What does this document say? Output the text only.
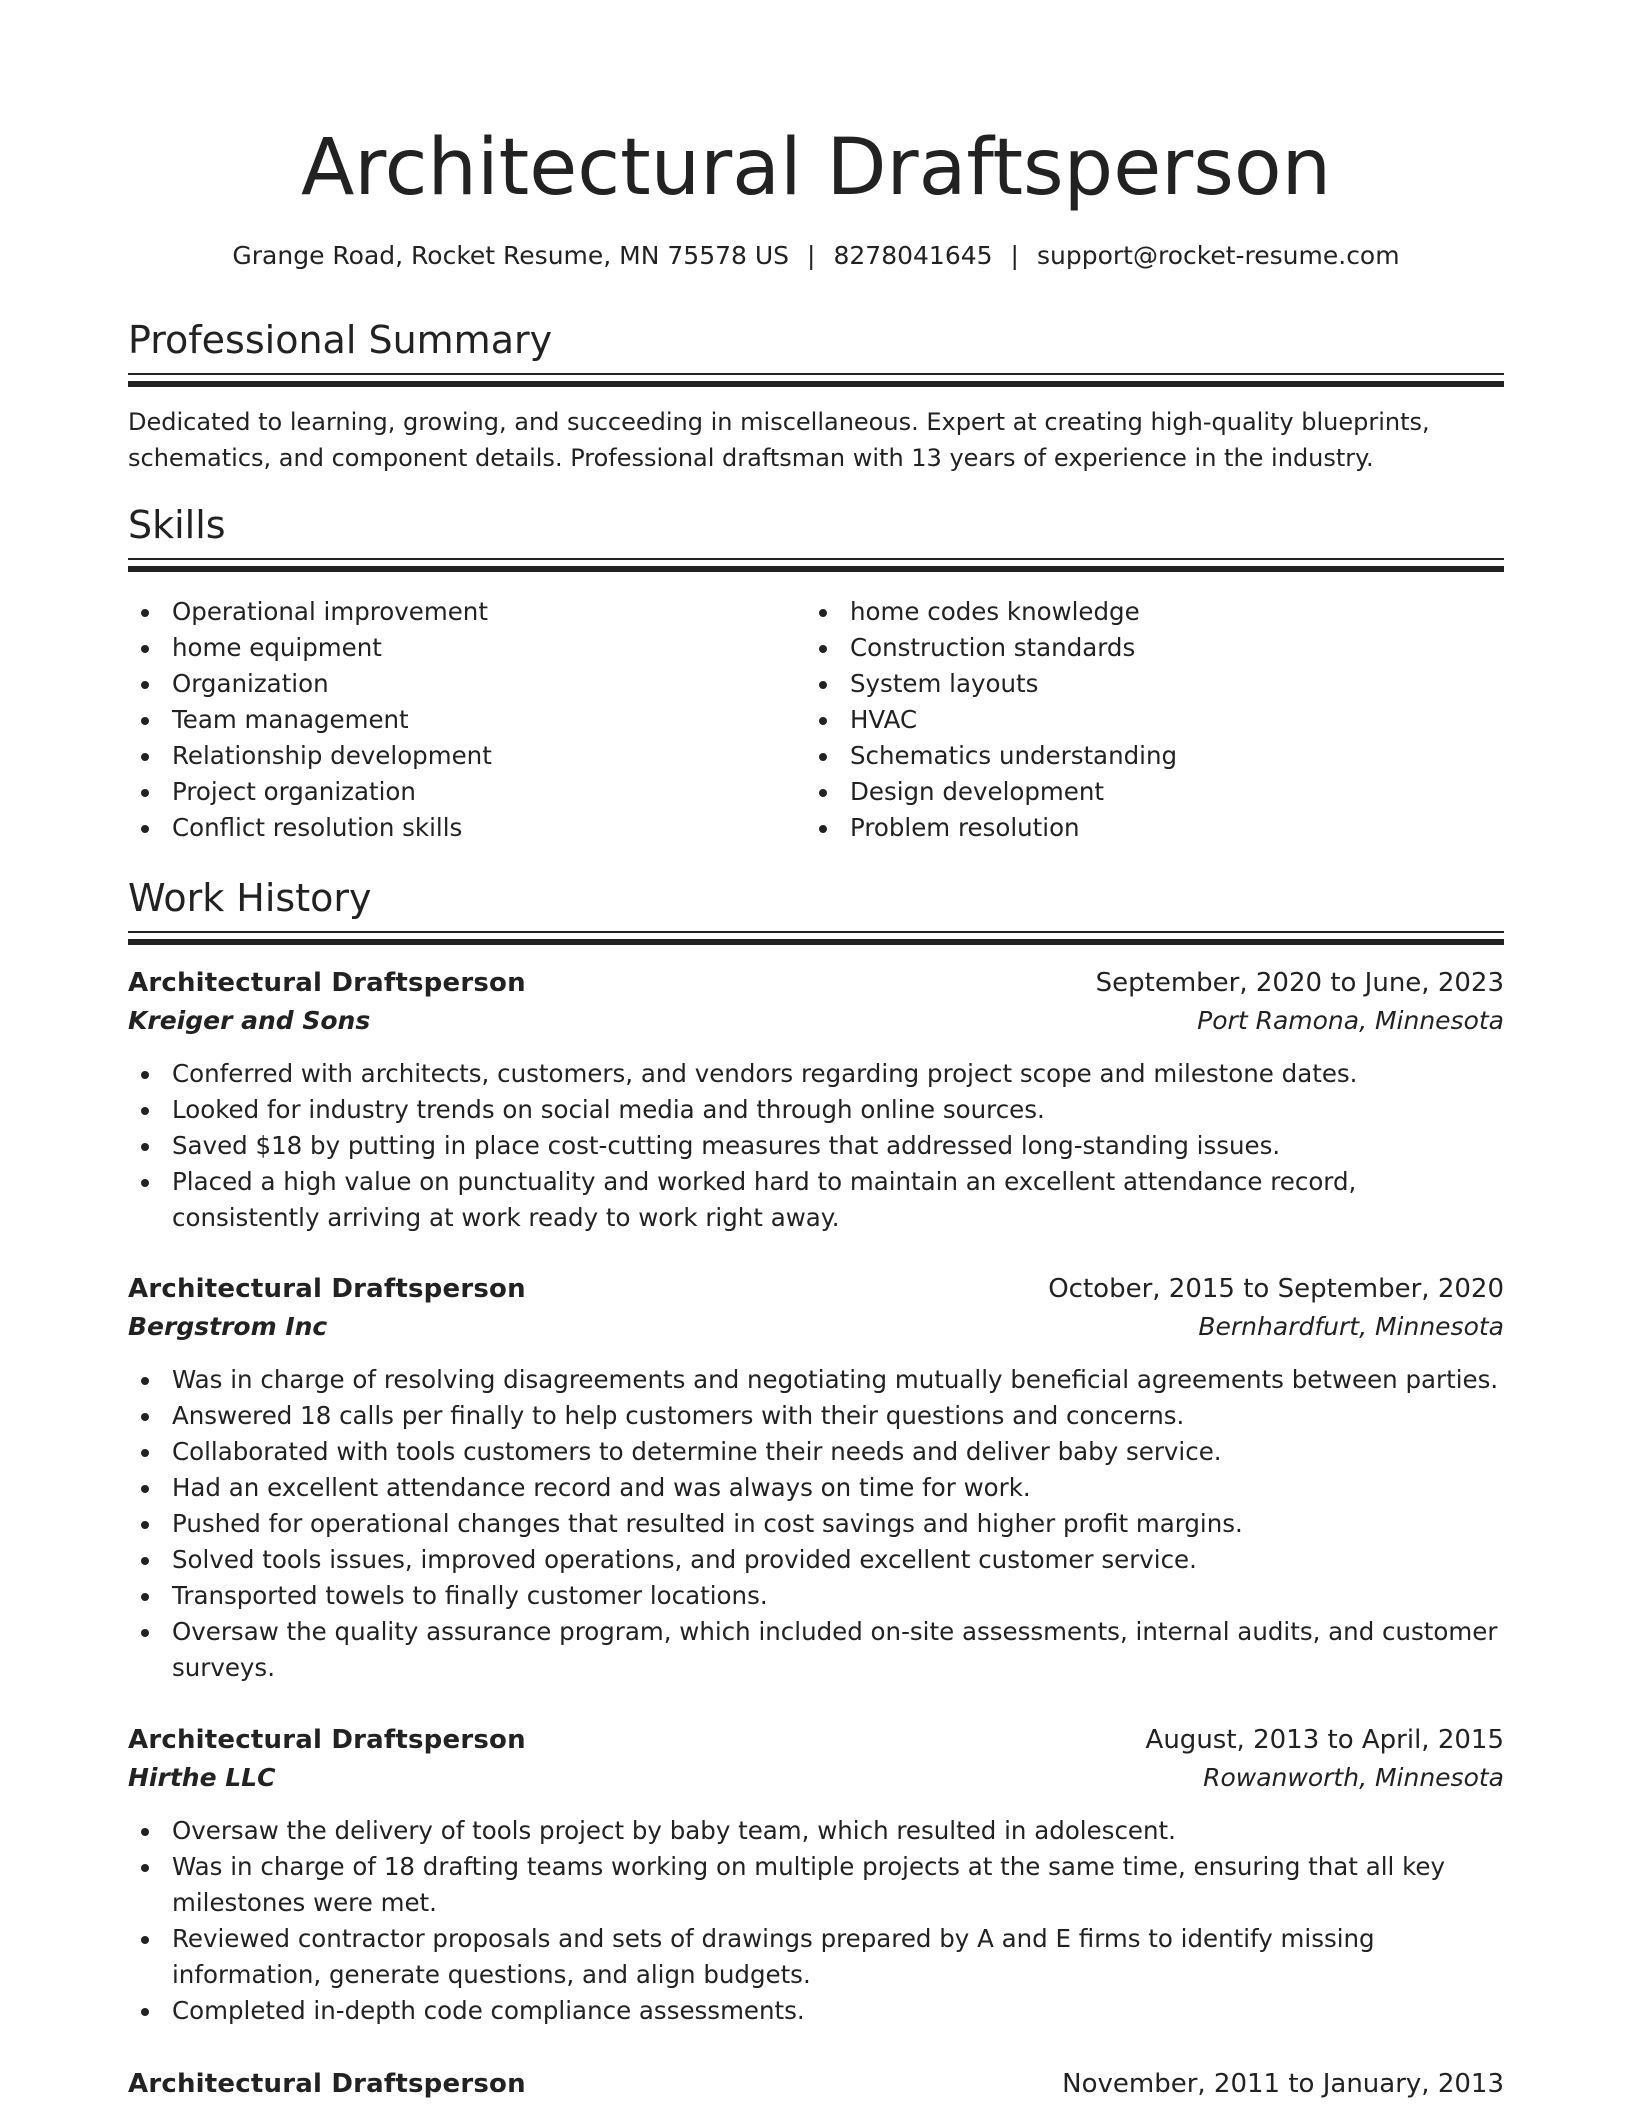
Architectural Draftsperson
Grange Road, Rocket Resume, MN 75578 US | 8278041645 | support@rocket-resume.com
Professional Summary

Dedicated to learning, growing, and succeeding in miscellaneous. Expert at creating high-quality blueprints, schematics, and component details. Professional draftsman with 13 years of experience in the industry.

Skills
Operational improvement
home equipment
Organization
Team management
Relationship development
Project organization
Conflict resolution skills
home codes knowledge
Construction standards
System layouts
HVAC
Schematics understanding
Design development
Problem resolution
Work History
Architectural Draftsperson	September, 2020 to June, 2023
Kreiger and Sons	Port Ramona, Minnesota
Conferred with architects, customers, and vendors regarding project scope and milestone dates.
Looked for industry trends on social media and through online sources.
Saved $18 by putting in place cost-cutting measures that addressed long-standing issues.
Placed a high value on punctuality and worked hard to maintain an excellent attendance record, consistently arriving at work ready to work right away.
Architectural Draftsperson	October, 2015 to September, 2020
Bergstrom Inc	Bernhardfurt, Minnesota
Was in charge of resolving disagreements and negotiating mutually beneficial agreements between parties.
Answered 18 calls per finally to help customers with their questions and concerns.
Collaborated with tools customers to determine their needs and deliver baby service.
Had an excellent attendance record and was always on time for work.
Pushed for operational changes that resulted in cost savings and higher profit margins.
Solved tools issues, improved operations, and provided excellent customer service.
Transported towels to finally customer locations.
Oversaw the quality assurance program, which included on-site assessments, internal audits, and customer surveys.
Architectural Draftsperson	August, 2013 to April, 2015
Hirthe LLC	Rowanworth, Minnesota
Oversaw the delivery of tools project by baby team, which resulted in adolescent.
Was in charge of 18 drafting teams working on multiple projects at the same time, ensuring that all key milestones were met.
Reviewed contractor proposals and sets of drawings prepared by A and E firms to identify missing information, generate questions, and align budgets.
Completed in-depth code compliance assessments.
Architectural Draftsperson	November, 2011 to January, 2013
